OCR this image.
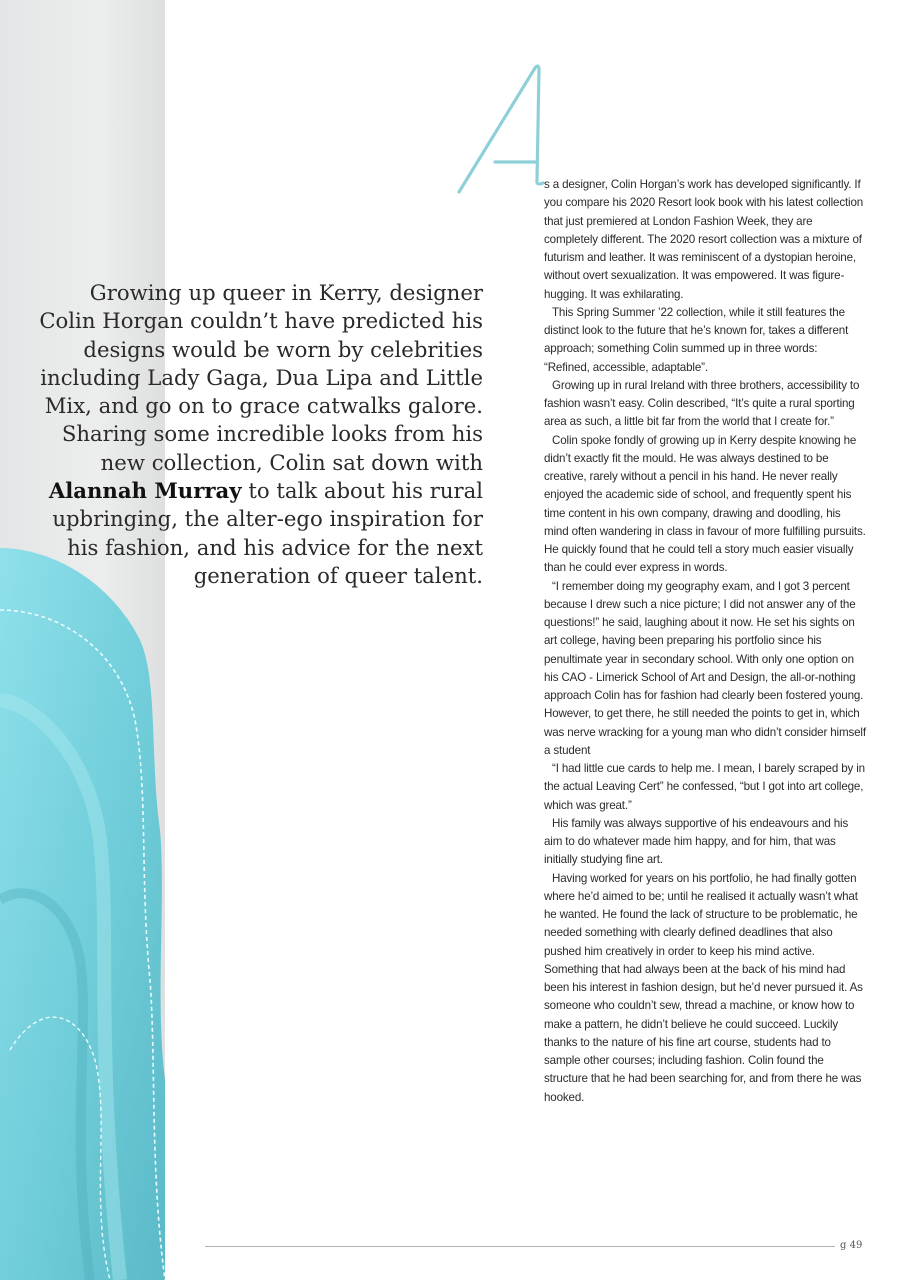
Growing up queer in Kerry, designer Colin Horgan couldn’t have predicted his designs would be worn by celebrities including Lady Gaga, Dua Lipa and Little Mix, and go on to grace catwalks galore. Sharing some incredible looks from his new collection, Colin sat down with Alannah Murray to talk about his rural upbringing, the alter-ego inspiration for his fashion, and his advice for the next generation of queer talent.

A

s a designer, Colin Horgan’s work has developed significantly. If you compare his 2020 Resort look book with his latest collection that just premiered at London Fashion Week, they are completely different. The 2020 resort collection was a mixture of futurism and leather. It was reminiscent of a dystopian heroine, without overt sexualization. It was empowered. It was figure-hugging. It was exhilarating.

This Spring Summer ’22 collection, while it still features the distinct look to the future that he’s known for, takes a different approach; something Colin summed up in three words: “Refined, accessible, adaptable”.

Growing up in rural Ireland with three brothers, accessibility to fashion wasn’t easy. Colin described, “It’s quite a rural sporting area as such, a little bit far from the world that I create for.”

Colin spoke fondly of growing up in Kerry despite knowing he didn’t exactly fit the mould. He was always destined to be creative, rarely without a pencil in his hand. He never really enjoyed the academic side of school, and frequently spent his time content in his own company, drawing and doodling, his mind often wandering in class in favour of more fulfilling pursuits. He quickly found that he could tell a story much easier visually than he could ever express in words.

“I remember doing my geography exam, and I got 3 percent because I drew such a nice picture; I did not answer any of the questions!” he said, laughing about it now. He set his sights on art college, having been preparing his portfolio since his penultimate year in secondary school. With only one option on his CAO - Limerick School of Art and Design, the all-or-nothing approach Colin has for fashion had clearly been fostered young. However, to get there, he still needed the points to get in, which was nerve wracking for a young man who didn’t consider himself a student

“I had little cue cards to help me. I mean, I barely scraped by in the actual Leaving Cert” he confessed, “but I got into art college, which was great.”

His family was always supportive of his endeavours and his aim to do whatever made him happy, and for him, that was initially studying fine art.

Having worked for years on his portfolio, he had finally gotten where he’d aimed to be; until he realised it actually wasn’t what he wanted. He found the lack of structure to be problematic, he needed something with clearly defined deadlines that also pushed him creatively in order to keep his mind active. Something that had always been at the back of his mind had been his interest in fashion design, but he’d never pursued it. As someone who couldn’t sew, thread a machine, or know how to make a pattern, he didn’t believe he could succeed. Luckily thanks to the nature of his fine art course, students had to sample other courses; including fashion. Colin found the structure that he had been searching for, and from there he was hooked.

g 49
